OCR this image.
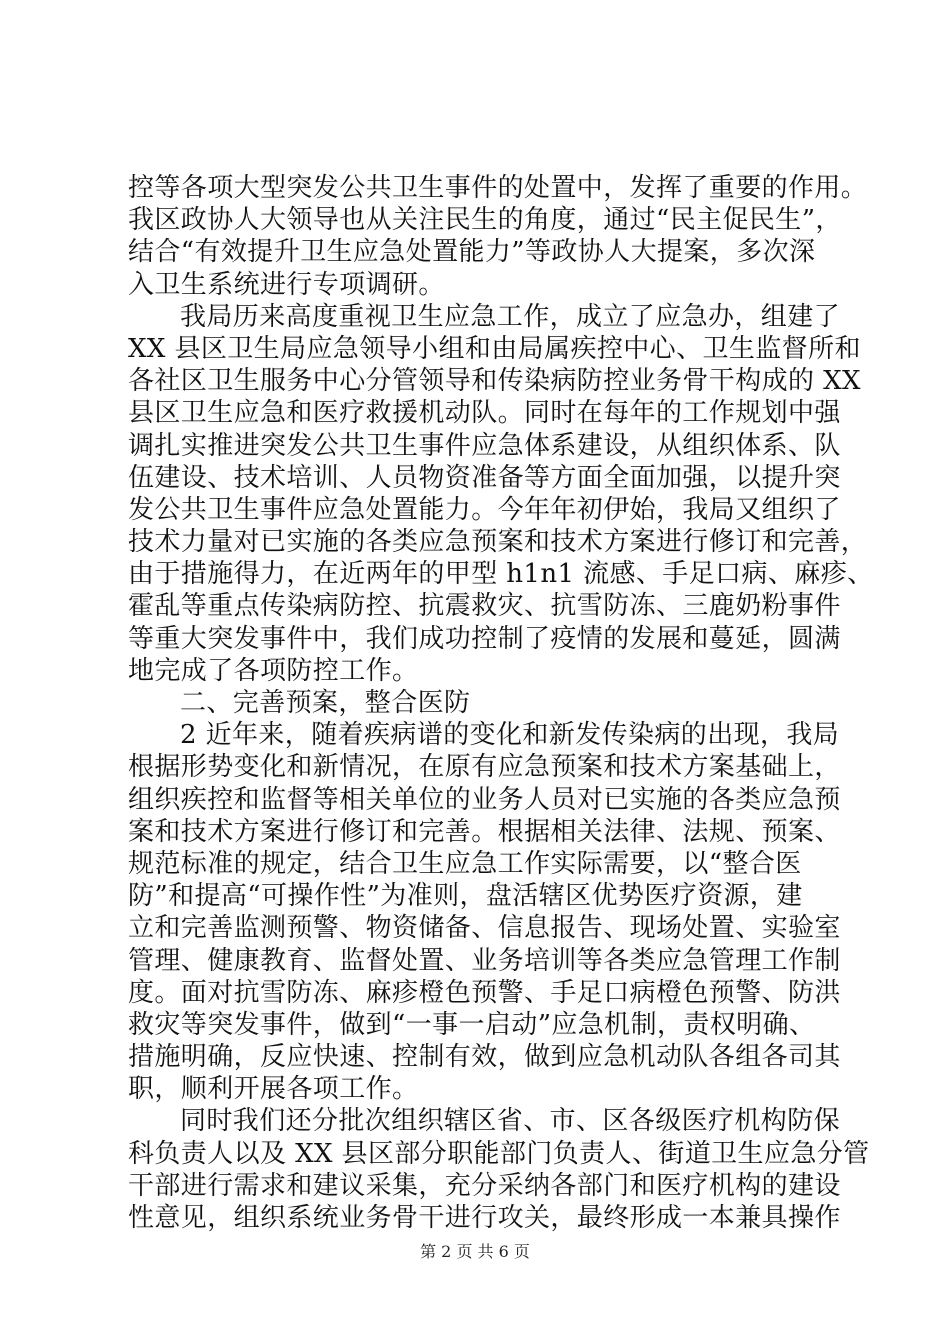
控等各项大型突发公共卫生事件的处置中，发挥了重要的作用。
我区政协人大领导也从关注民生的角度，通过“民主促民生”，
结合“有效提升卫生应急处置能力”等政协人大提案，多次深
入卫生系统进行专项调研。
我局历来高度重视卫生应急工作，成立了应急办，组建了
XX 县区卫生局应急领导小组和由局属疾控中心、卫生监督所和
各社区卫生服务中心分管领导和传染病防控业务骨干构成的 XX
县区卫生应急和医疗救援机动队。同时在每年的工作规划中强
调扎实推进突发公共卫生事件应急体系建设，从组织体系、队
伍建设、技术培训、人员物资准备等方面全面加强，以提升突
发公共卫生事件应急处置能力。今年年初伊始，我局又组织了
技术力量对已实施的各类应急预案和技术方案进行修订和完善，
由于措施得力，在近两年的甲型 h1n1 流感、手足口病、麻疹、
霍乱等重点传染病防控、抗震救灾、抗雪防冻、三鹿奶粉事件
等重大突发事件中，我们成功控制了疫情的发展和蔓延，圆满
地完成了各项防控工作。
二、完善预案，整合医防
2 近年来，随着疾病谱的变化和新发传染病的出现，我局
根据形势变化和新情况，在原有应急预案和技术方案基础上，
组织疾控和监督等相关单位的业务人员对已实施的各类应急预
案和技术方案进行修订和完善。根据相关法律、法规、预案、
规范标准的规定，结合卫生应急工作实际需要，以“整合医
防”和提高“可操作性”为准则，盘活辖区优势医疗资源，建
立和完善监测预警、物资储备、信息报告、现场处置、实验室
管理、健康教育、监督处置、业务培训等各类应急管理工作制
度。面对抗雪防冻、麻疹橙色预警、手足口病橙色预警、防洪
救灾等突发事件，做到“一事一启动”应急机制，责权明确、
措施明确，反应快速、控制有效，做到应急机动队各组各司其
职，顺利开展各项工作。
同时我们还分批次组织辖区省、市、区各级医疗机构防保
科负责人以及 XX 县区部分职能部门负责人、街道卫生应急分管
干部进行需求和建议采集，充分采纳各部门和医疗机构的建设
性意见，组织系统业务骨干进行攻关，最终形成一本兼具操作
第 2 页 共 6 页
